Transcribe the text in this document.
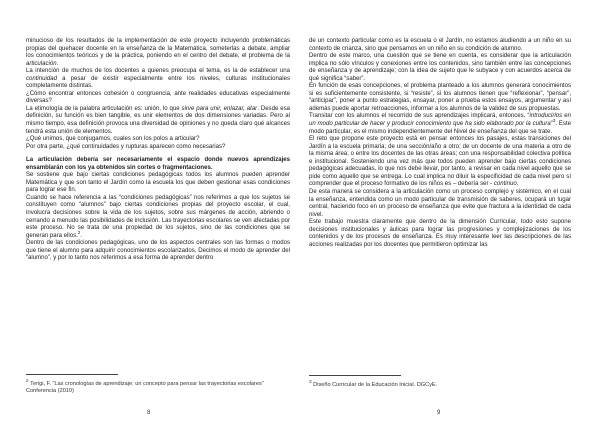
minucioso de los resultados de la implementación de este proyecto incluyendo problemáticas propias del quehacer docente en la enseñanza de la Matemática, someterlas a debate, ampliar los conocimientos teóricos y de la práctica, poniendo en el centro del debate, el problema de la articulación.

La intención de muchos de los docentes a quienes preocupa el tema, es la de establecer una continuidad a pesar de existir especialmente entre los niveles, culturas institucionales completamente distintas.

¿Cómo encontrar entonces cohesión o congruencia, ante realidades educativas especialmente diversas?

La etimología de la palabra articulación es: unión, lo que sirve para unir, enlazar, atar. Desde esa definición, su función es bien tangible, es unir elementos de dos dimensiones variadas. Pero al mismo tiempo, esa definición provoca una diversidad de opiniones y no queda claro qué alcances tendrá esta unión de elementos.

¿Qué unimos, que conjugamos, cuales son los polos a articular?

Por otra parte, ¿qué continuidades y rupturas aparecen como necesarias?

La articulación debería ser necesariamente el espacio donde nuevos aprendizajes ensamblarán con los ya obtenidos sin cortes o fragmentaciones.

Se sostiene que bajo ciertas condiciones pedagógicas todos los alumnos pueden aprender Matemática y que son tanto el Jardín como la escuela los que deben gestionar esas condiciones para lograr ese fin.

Cuando se hace referencia a las “condiciones pedagógicas” nos referimos a que los sujetos se constituyen como “alumnos” bajo ciertas condiciones propias del proyecto escolar, el cual, involucra decisiones sobre la vida de los sujetos, sobre sus márgenes de acción, abriendo o cerrando a menudo las posibilidades de inclusión. Las trayectorias escolares se ven afectadas por este proceso. No se trata de una propiedad de los sujetos, sino de las condiciones que se generan para ellos.$^2$.

Dentro de las condiciones pedagógicas, uno de los aspectos centrales son las formas o modos que tiene el alumno para adquirir conocimientos escolarizados. Decimos el modo de aprender del “alumno”, y por lo tanto nos referimos a esa forma de aprender dentro

$^2$ Terigi, F. “Las cronologías de aprendizaje: un concepto para pensar las trayectorias escolares” Conferencia (2010)
8

de un contexto particular como es la escuela o el Jardín, no estamos aludiendo a un niño en su contexto de crianza, sino que pensamos en un niño en su condición de alumno.

Dentro de este marco, una cuestión que se tiene en cuenta, es considerar que la articulación implica no sólo vínculos y conexiones entre los contenidos, sino también entre las concepciones de enseñanza y de aprendizaje; con la idea de sujeto que le subyace y con acuerdos acerca de qué significa “saber”.

En función de esas concepciones, el problema planteado a los alumnos generará conocimientos si es suficientemente consistente, si “resiste”, si los alumnos tienen que “reflexionar”, “pensar”, “anticipar”, poner a punto estrategias, ensayar, poner a prueba estos ensayos, argumentar y así además puede aportar retroacciones, informar a los alumnos de la validez de sus propuestas.

Transitar con los alumnos el recorrido de sus aprendizajes implicará, entonces, “introducirlos en un modo particular de hacer y producir conocimiento que ha sido elaborado por la cultura”$^3$. Este modo particular, es el mismo independientemente del Nivel de enseñanza del que se trate.

El reto que propone este proyecto está en pensar entonces los pasajes, estas transiciones del Jardín a la escuela primaria; de una sección/año a otro; de un docente de una materia a otro de la misma área; o entre los docentes de las otras áreas; con una responsabilidad colectiva política e institucional. Sosteniendo una vez más que todos pueden aprender bajo ciertas condiciones pedagógicas adecuadas, lo que nos debe llevar, por tanto, a revisar en cada nivel aquello que se pide como aquello que se entrega. Lo cual implica no diluir la especificidad de cada nivel pero sí comprender que el proceso formativo de los niños es – debería ser - continuo.

De esta manera se considera a la articulación como un proceso complejo y sistémico, en el cual la enseñanza, entendida como un modo particular de transmisión de saberes, ocupará un lugar central, haciendo foco en un proceso de enseñanza que evite que fractura a la identidad de cada nivel.

Este trabajo muestra claramente que dentro de la dimensión Curricular, todo esto supone decisiones institucionales y áulicas para lograr las progresiones y complejizaciones de los contenidos y de los procesos de enseñanza. Es muy interesante leer las descripciones de las acciones realizadas por los docentes que permitieron optimizar las

$^3$ Diseño Curricular de la Educación Inicial. DGCyE.
9
